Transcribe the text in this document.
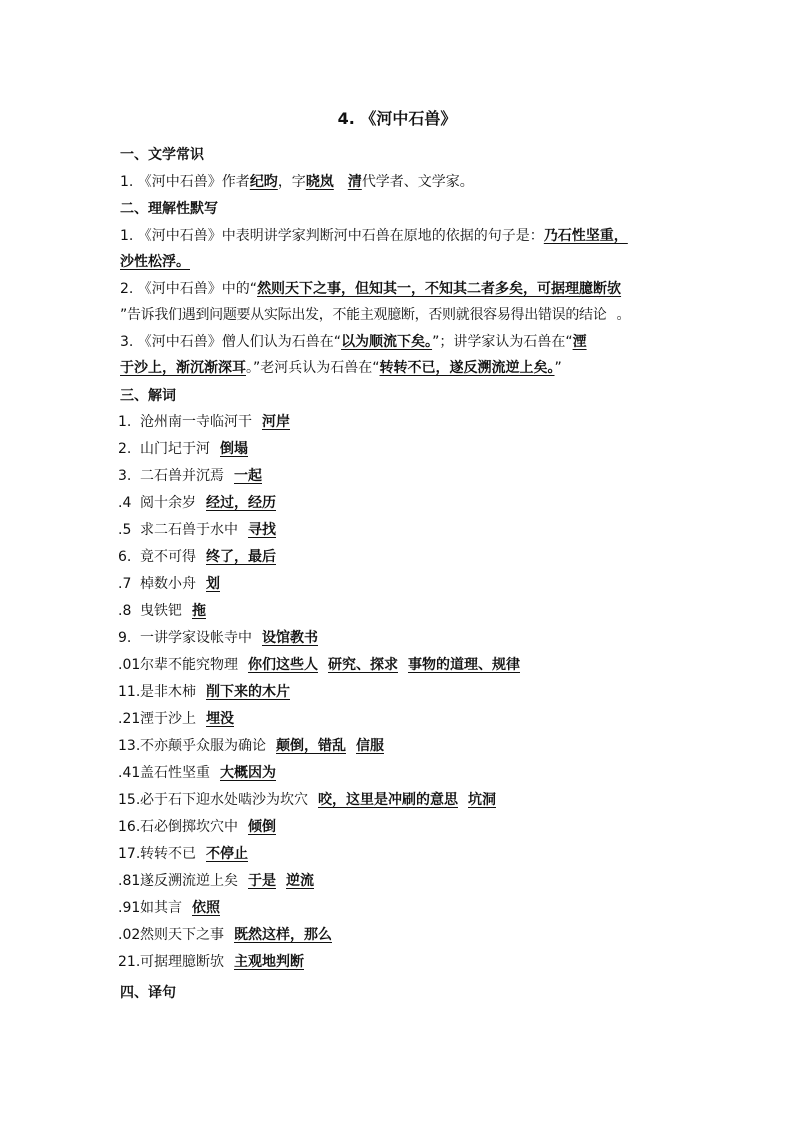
4. 《河中石兽》
一、文学常识
1. 《河中石兽》作者纪昀，字晓岚 清代学者、文学家。
二、理解性默写
1. 《河中石兽》中表明讲学家判断河中石兽在原地的依据的句子是：乃石性坚重，
沙性松浮。
2. 《河中石兽》中的“然则天下之事，但知其一，不知其二者多矣，可据理臆断欤
”告诉我们遇到问题要从实际出发，不能主观臆断，否则就很容易得出错误的结论 。
3. 《河中石兽》僧人们认为石兽在“以为顺流下矣。”；讲学家认为石兽在“湮
于沙上，渐沉渐深耳。”老河兵认为石兽在“转转不已，遂反溯流逆上矣。”
三、解词
1. 沧州南一寺临河干 河岸
2. 山门圮于河 倒塌
3. 二石兽并沉焉 一起
.4 阅十余岁 经过，经历
.5 求二石兽于水中 寻找
6. 竟不可得 终了，最后
.7 棹数小舟 划
.8 曳铁钯 拖
9. 一讲学家设帐寺中 设馆教书
.01尔辈不能究物理 你们这些人 研究、探求 事物的道理、规律
11.是非木柿 削下来的木片
.21湮于沙上 埋没
13.不亦颠乎众服为确论 颠倒，错乱 信服
.41盖石性坚重 大概因为
15.必于石下迎水处啮沙为坎穴 咬，这里是冲刷的意思 坑洞
16.石必倒掷坎穴中 倾倒
17.转转不已 不停止
.81遂反溯流逆上矣 于是 逆流
.91如其言 依照
.02然则天下之事 既然这样，那么
21.可据理臆断欤 主观地判断
四、译句
